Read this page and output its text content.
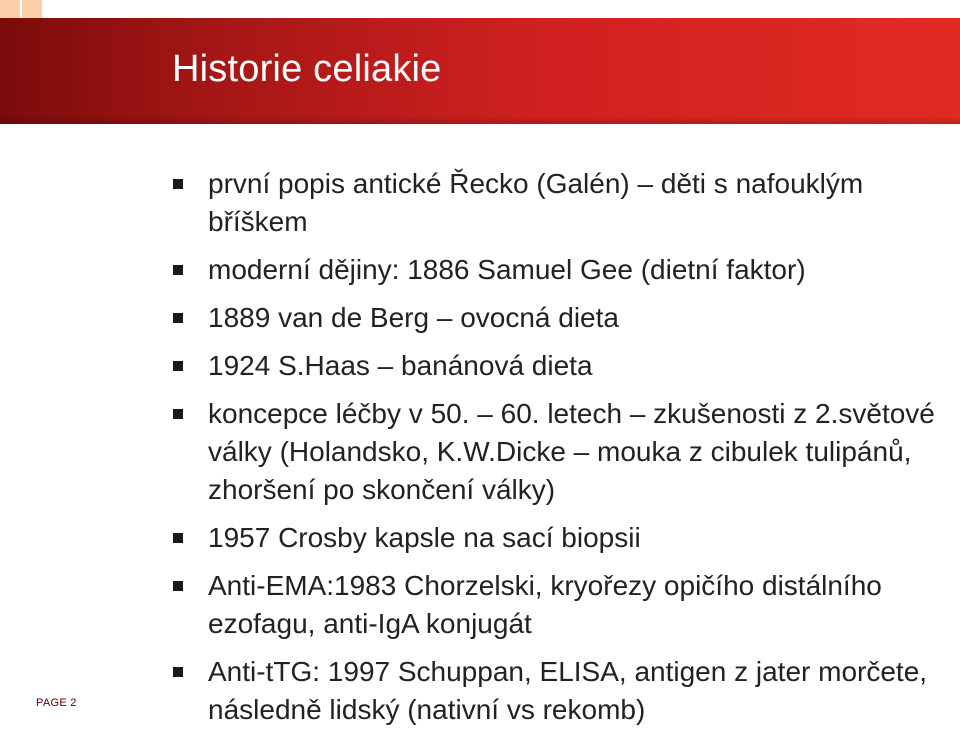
Historie celiakie
první popis antické Řecko (Galén) – děti s nafouklým bříškem
moderní dějiny: 1886 Samuel Gee (dietní faktor)
1889 van de Berg – ovocná dieta
1924 S.Haas – banánová dieta
koncepce léčby v 50. – 60. letech – zkušenosti z 2.světové války (Holandsko, K.W.Dicke – mouka z cibulek tulipánů, zhoršení po skončení války)
1957 Crosby kapsle na sací biopsii
Anti-EMA:1983 Chorzelski, kryořezy opičího distálního ezofagu, anti-IgA konjugát
Anti-tTG: 1997 Schuppan, ELISA, antigen z jater morčete, následně lidský (nativní vs rekomb)
PAGE 2
